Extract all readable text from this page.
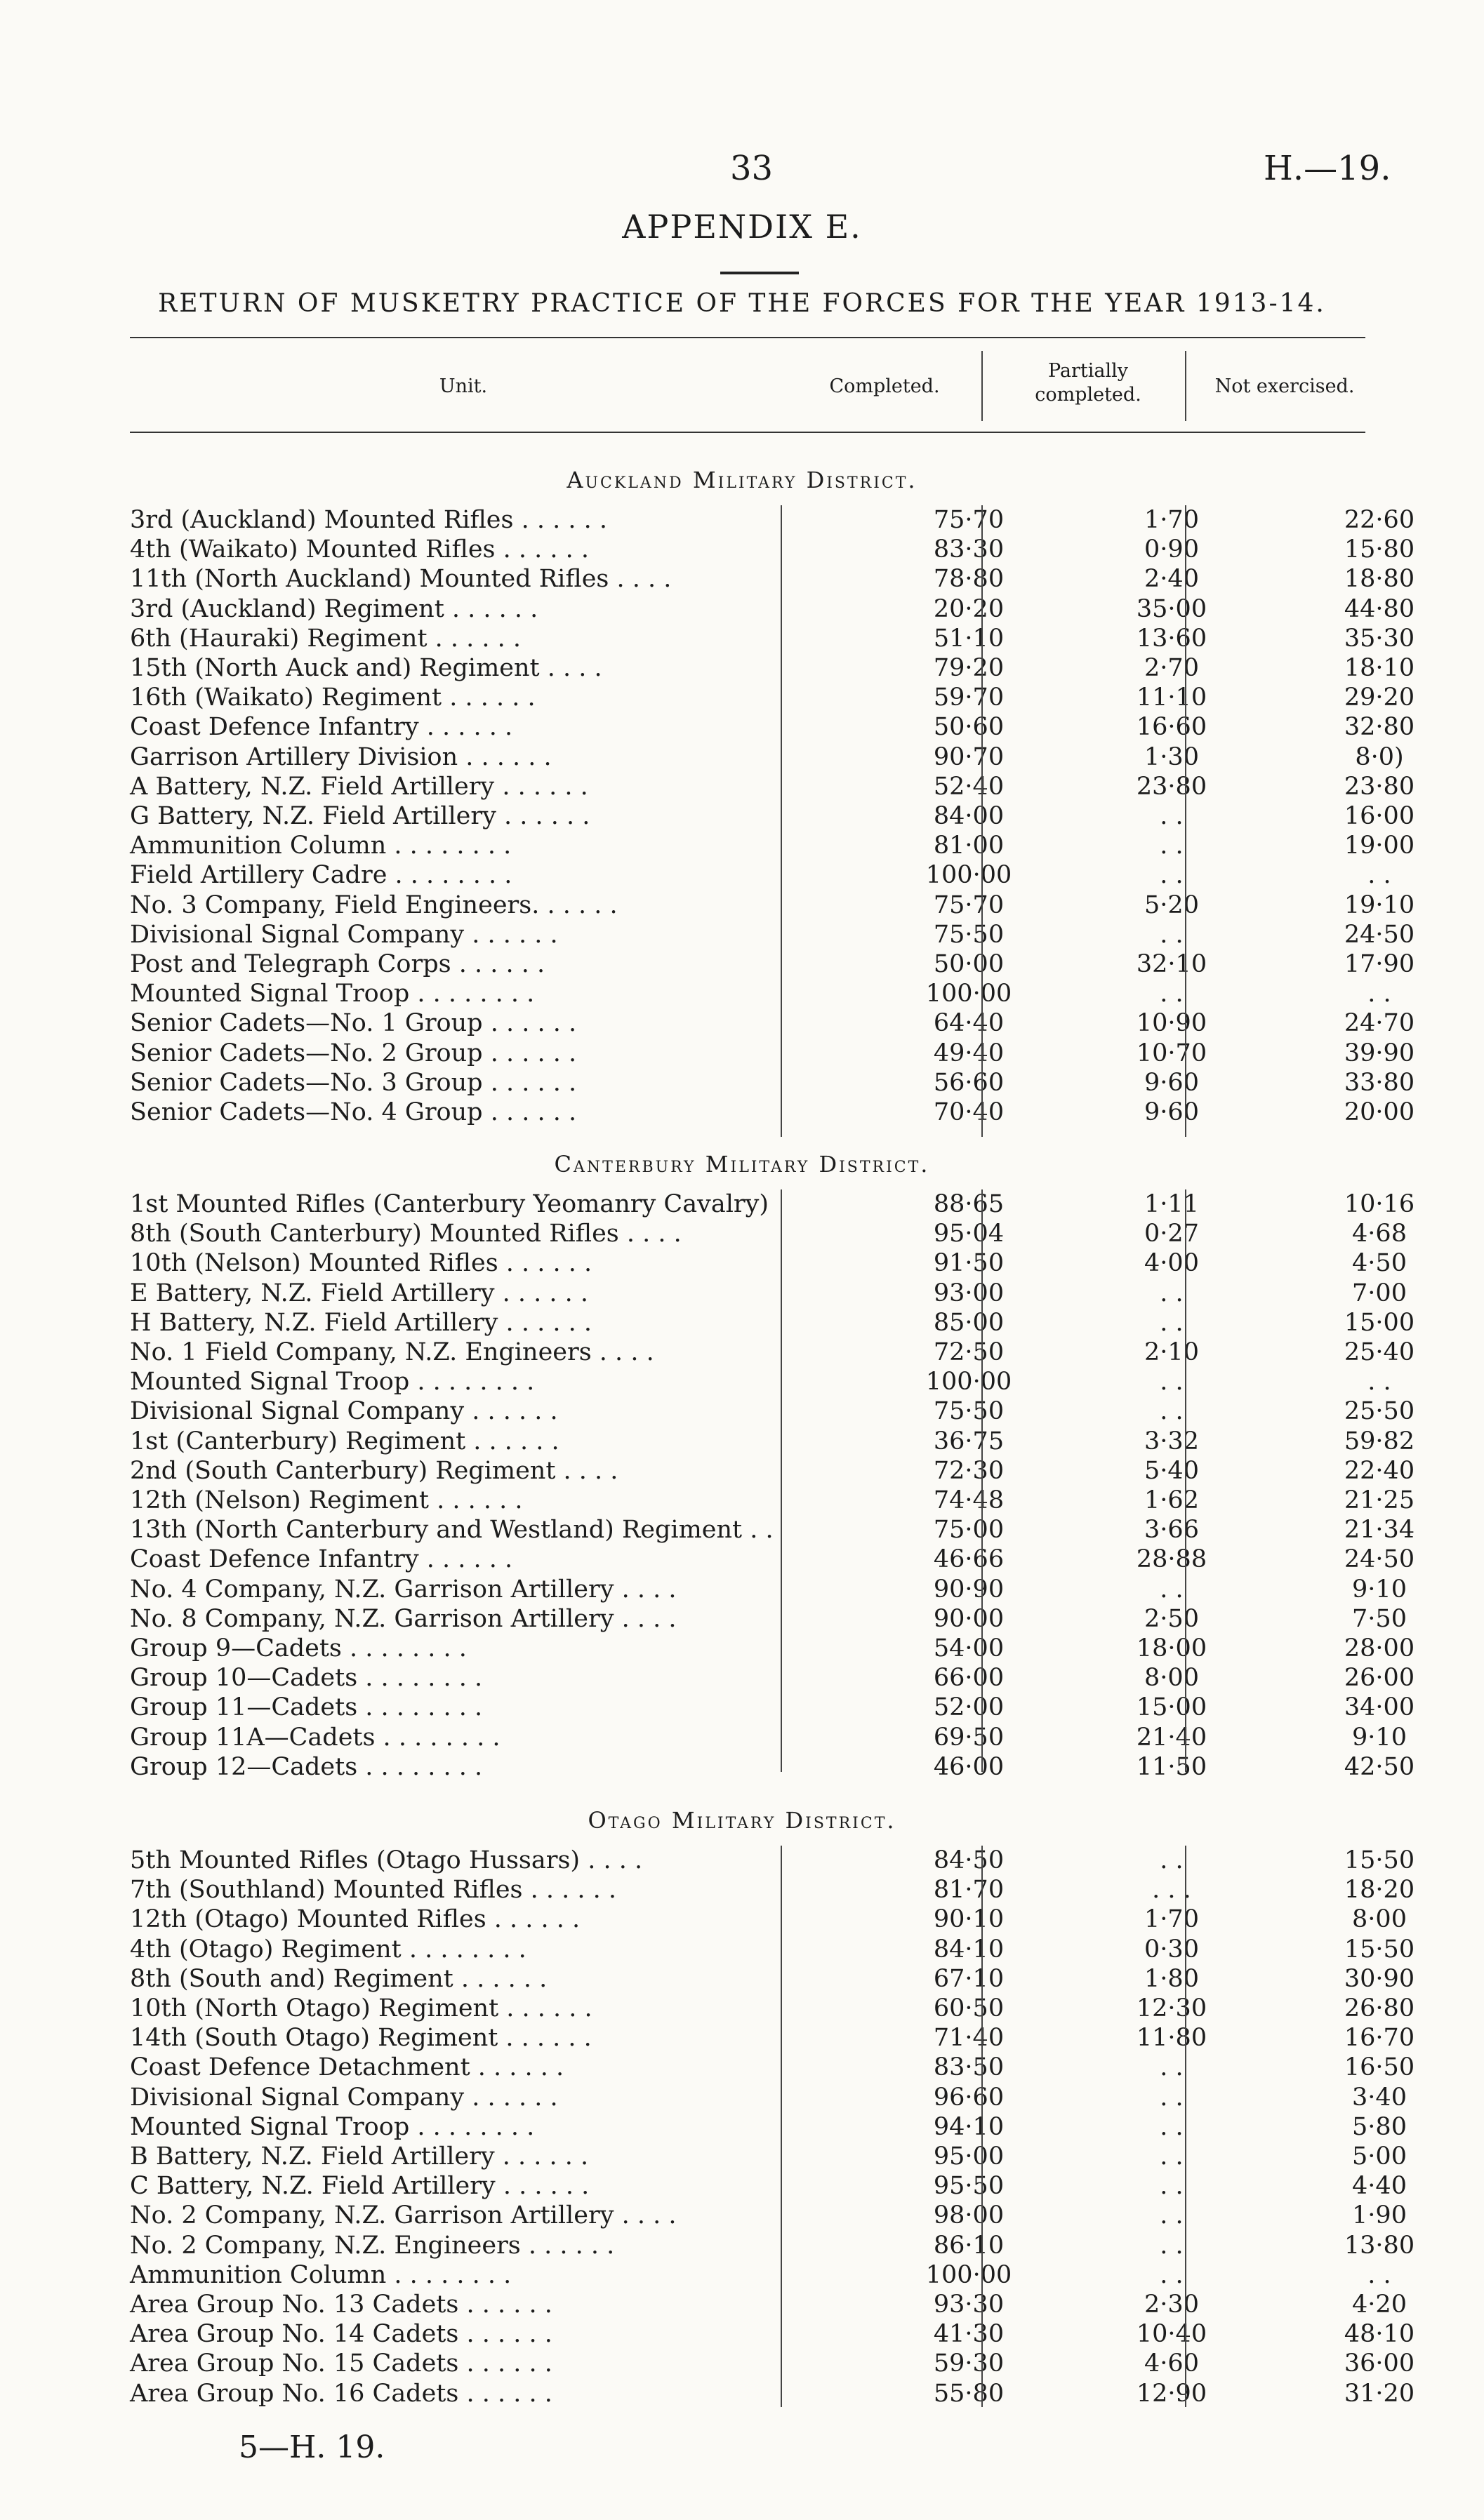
33	H.—19.
APPENDIX E.
RETURN OF MUSKETRY PRACTICE OF THE FORCES FOR THE YEAR 1913-14.
Unit.	Completed.
Partially
completed.	Not exercised.
Auckland Military District.
3rd (Auckland) Mounted Rifles . . . . . .	75·70	1·70	22·60
4th (Waikato) Mounted Rifles . . . . . .	83·30	0·90	15·80
11th (North Auckland) Mounted Rifles . . . .	78·80	2·40	18·80
3rd (Auckland) Regiment . . . . . .	20·20	35·00	44·80
6th (Hauraki) Regiment . . . . . .	51·10	13·60	35·30
15th (North Auck and) Regiment . . . .	79·20	2·70	18·10
16th (Waikato) Regiment . . . . . .	59·70	11·10	29·20
Coast Defence Infantry . . . . . .	50·60	16·60	32·80
Garrison Artillery Division . . . . . .	90·70	1·30	8·0)
A Battery, N.Z. Field Artillery . . . . . .	52·40	23·80	23·80
G Battery, N.Z. Field Artillery . . . . . .	84·00	. .	16·00
Ammunition Column . . . . . . . .	81·00	. .	19·00
Field Artillery Cadre . . . . . . . .	100·00	. .	. .
No. 3 Company, Field Engineers. . . . . .	75·70	5·20	19·10
Divisional Signal Company . . . . . .	75·50	. .	24·50
Post and Telegraph Corps . . . . . .	50·00	32·10	17·90
Mounted Signal Troop . . . . . . . .	100·00	. .	. .
Senior Cadets—No. 1 Group . . . . . .	64·40	10·90	24·70
Senior Cadets—No. 2 Group . . . . . .	49·40	10·70	39·90
Senior Cadets—No. 3 Group . . . . . .	56·60	9·60	33·80
Senior Cadets—No. 4 Group . . . . . .	70·40	9·60	20·00
Canterbury Military District.
1st Mounted Rifles (Canterbury Yeomanry Cavalry)	88·65	1·11	10·16
8th (South Canterbury) Mounted Rifles . . . .	95·04	0·27	4·68
10th (Nelson) Mounted Rifles . . . . . .	91·50	4·00	4·50
E Battery, N.Z. Field Artillery . . . . . .	93·00	. .	7·00
H Battery, N.Z. Field Artillery . . . . . .	85·00	. .	15·00
No. 1 Field Company, N.Z. Engineers . . . .	72·50	2·10	25·40
Mounted Signal Troop . . . . . . . .	100·00	. .	. .
Divisional Signal Company . . . . . .	75·50	. .	25·50
1st (Canterbury) Regiment . . . . . .	36·75	3·32	59·82
2nd (South Canterbury) Regiment . . . .	72·30	5·40	22·40
12th (Nelson) Regiment . . . . . .	74·48	1·62	21·25
13th (North Canterbury and Westland) Regiment . .	75·00	3·66	21·34
Coast Defence Infantry . . . . . .	46·66	28·88	24·50
No. 4 Company, N.Z. Garrison Artillery . . . .	90·90	. .	9·10
No. 8 Company, N.Z. Garrison Artillery . . . .	90·00	2·50	7·50
Group 9—Cadets . . . . . . . .	54·00	18·00	28·00
Group 10—Cadets . . . . . . . .	66·00	8·00	26·00
Group 11—Cadets . . . . . . . .	52·00	15·00	34·00
Group 11A—Cadets . . . . . . . .	69·50	21·40	9·10
Group 12—Cadets . . . . . . . .	46·00	11·50	42·50
Otago Military District.
5th Mounted Rifles (Otago Hussars) . . . .	84·50	. .	15·50
7th (Southland) Mounted Rifles . . . . . .	81·70	. . .	18·20
12th (Otago) Mounted Rifles . . . . . .	90·10	1·70	8·00
4th (Otago) Regiment . . . . . . . .	84·10	0·30	15·50
8th (South and) Regiment . . . . . .	67·10	1·80	30·90
10th (North Otago) Regiment . . . . . .	60·50	12·30	26·80
14th (South Otago) Regiment . . . . . .	71·40	11·80	16·70
Coast Defence Detachment . . . . . .	83·50	. .	16·50
Divisional Signal Company . . . . . .	96·60	. .	3·40
Mounted Signal Troop . . . . . . . .	94·10	. .	5·80
B Battery, N.Z. Field Artillery . . . . . .	95·00	. .	5·00
C Battery, N.Z. Field Artillery . . . . . .	95·50	. .	4·40
No. 2 Company, N.Z. Garrison Artillery . . . .	98·00	. .	1·90
No. 2 Company, N.Z. Engineers . . . . . .	86·10	. .	13·80
Ammunition Column . . . . . . . .	100·00	. .	. .
Area Group No. 13 Cadets . . . . . .	93·30	2·30	4·20
Area Group No. 14 Cadets . . . . . .	41·30	10·40	48·10
Area Group No. 15 Cadets . . . . . .	59·30	4·60	36·00
Area Group No. 16 Cadets . . . . . .	55·80	12·90	31·20
5—H. 19.
